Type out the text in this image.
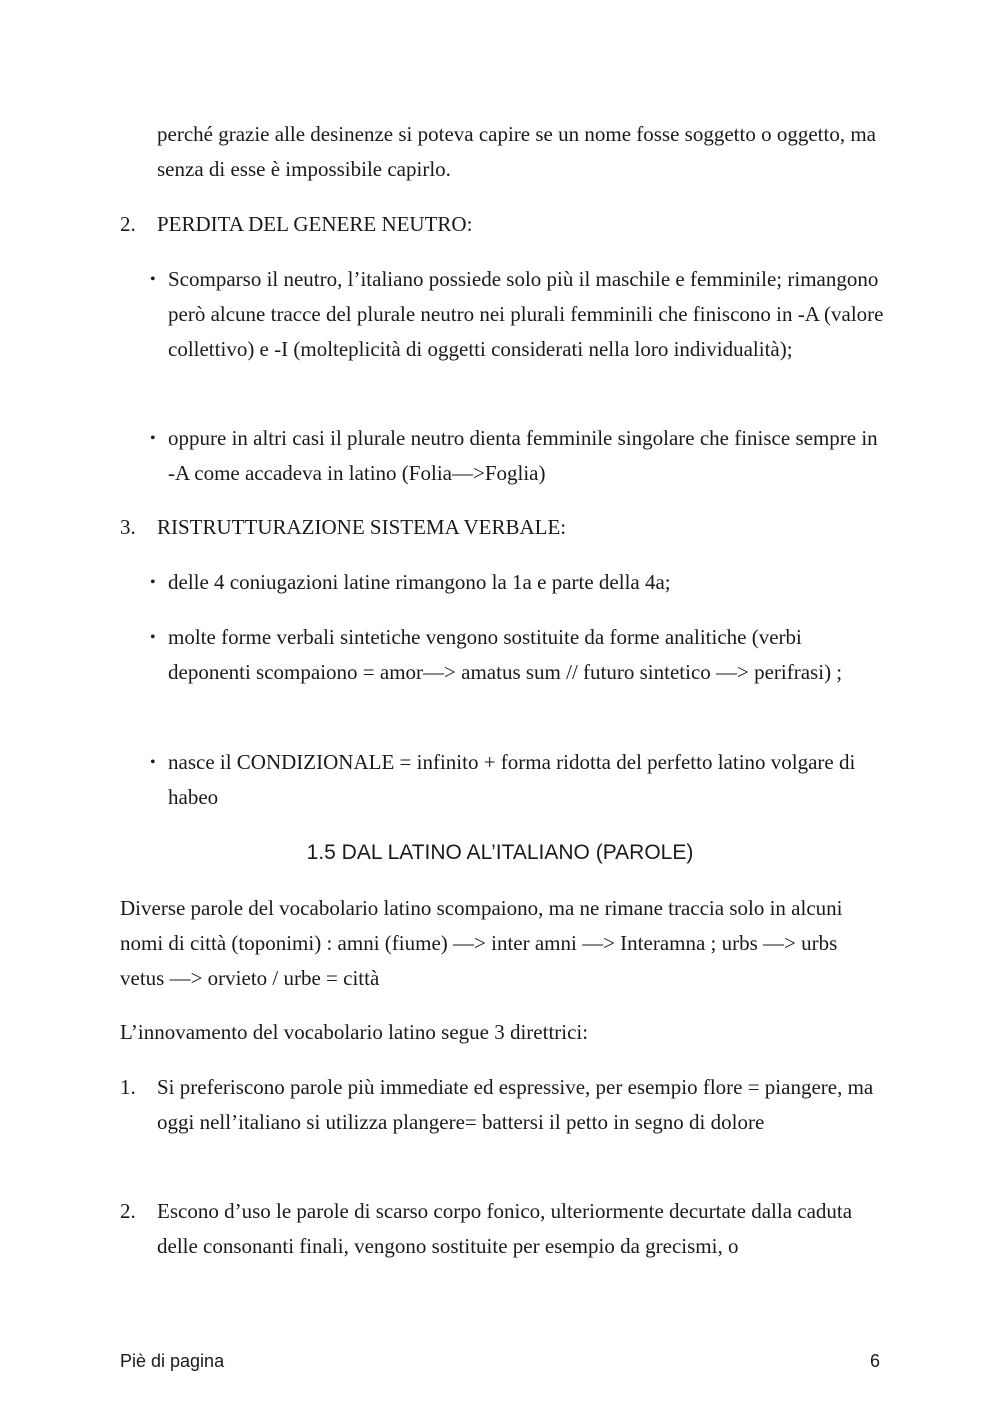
perché grazie alle desinenze si poteva capire se un nome fosse soggetto o oggetto, ma senza di esse è impossibile capirlo.

2. PERDITA DEL GENERE NEUTRO:

• Scomparso il neutro, l’italiano possiede solo più il maschile e femminile; rimangono però alcune tracce del plurale neutro nei plurali femminili che finiscono in -A (valore collettivo) e -I (molteplicità di oggetti considerati nella loro individualità);

• oppure in altri casi il plurale neutro dienta femminile singolare che finisce sempre in -A come accadeva in latino (Folia—>Foglia)

3. RISTRUTTURAZIONE SISTEMA VERBALE:

• delle 4 coniugazioni latine rimangono la 1a e parte della 4a;

• molte forme verbali sintetiche vengono sostituite da forme analitiche (verbi deponenti scompaiono = amor—> amatus sum // futuro sintetico —> perifrasi) ;

• nasce il CONDIZIONALE = infinito + forma ridotta del perfetto latino volgare di habeo

1.5 DAL LATINO AL’ITALIANO (PAROLE)

Diverse parole del vocabolario latino scompaiono, ma ne rimane traccia solo in alcuni nomi di città (toponimi) : amni (fiume) —> inter amni —> Interamna ; urbs —> urbs vetus —> orvieto / urbe = città

L’innovamento del vocabolario latino segue 3 direttrici:

1. Si preferiscono parole più immediate ed espressive, per esempio flore = piangere, ma oggi nell’italiano si utilizza plangere= battersi il petto in segno di dolore

2. Escono d’uso le parole di scarso corpo fonico, ulteriormente decurtate dalla caduta delle consonanti finali, vengono sostituite per esempio da grecismi, o

Piè di pagina	6
